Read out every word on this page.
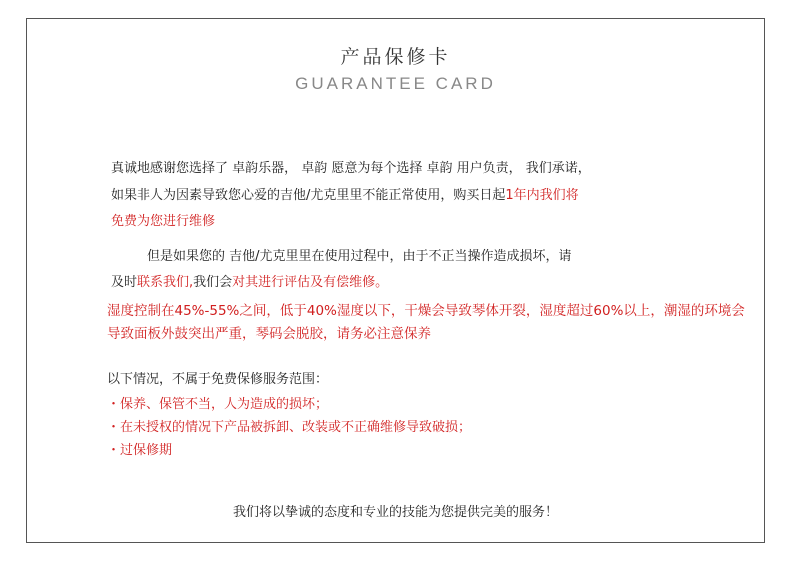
产品保修卡
GUARANTEE CARD
真诚地感谢您选择了 卓韵乐器， 卓韵 愿意为每个选择 卓韵 用户负责， 我们承诺，
如果非人为因素导致您心爱的吉他/尤克里里不能正常使用，购买日起1年内我们将
免费为您进行维修
但是如果您的 吉他/尤克里里在使用过程中，由于不正当操作造成损坏，请
及时联系我们,我们会对其进行评估及有偿维修。
湿度控制在45%-55%之间，低于40%湿度以下，干燥会导致琴体开裂，湿度超过60%以上，潮湿的环境会
导致面板外鼓突出严重，琴码会脱胶，请务必注意保养
以下情况，不属于免费保修服务范围：
・保养、保管不当，人为造成的损坏；
・在未授权的情况下产品被拆卸、改装或不正确维修导致破损；
・过保修期
我们将以挚诚的态度和专业的技能为您提供完美的服务！
